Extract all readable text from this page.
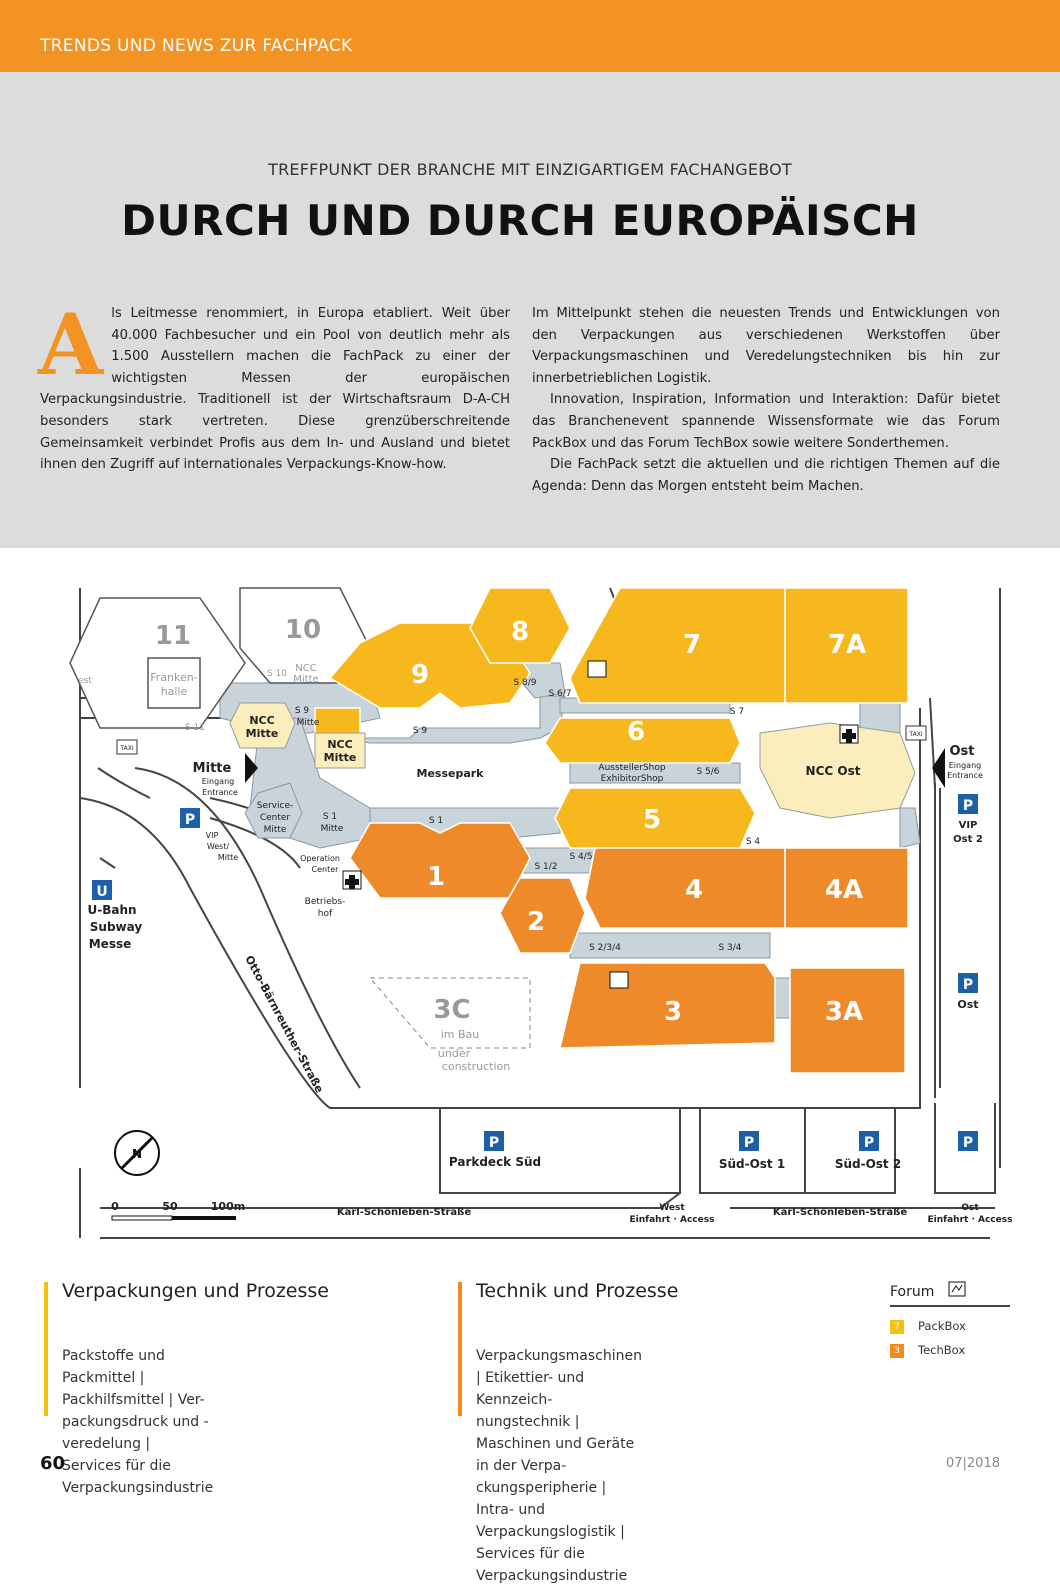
TRENDS UND NEWS ZUR FACHPACK
TREFFPUNKT DER BRANCHE MIT EINZIGARTIGEM FACHANGEBOT
DURCH UND DURCH EUROPÄISCH
A ls Leitmesse renommiert, in Europa etabliert. Weit über 40.000 Fachbesucher und ein Pool von deutlich mehr als 1.500 Ausstellern machen die FachPack zu einer der wichtigsten Messen der europäischen Verpackungsindustrie. Traditionell ist der Wirtschaftsraum D-A-CH besonders stark vertreten. Diese grenzüberschreitende Gemeinsamkeit verbindet Profis aus dem In- und Ausland und bietet ihnen den Zugriff auf internationales Verpackungs-Know-how.

Im Mittelpunkt stehen die neuesten Trends und Entwicklungen von den Verpackungen aus verschiedenen Werkstoffen über Verpackungsmaschinen und Veredelungstechniken bis hin zur innerbetrieblichen Logistik.

Innovation, Inspiration, Information und Interaktion: Dafür bietet das Branchenevent spannende Wissensformate wie das Forum PackBox und das Forum TechBox sowie weitere Sonderthemen.

Die FachPack setzt die aktuellen und die richtigen Themen auf die Agenda: Denn das Morgen entsteht beim Machen.

11	10
9
8	7	7A
6
5
4	4A
1
2
3	3A
3C
est	Franken-
halle
S 10 NCC
Mitte
S 11
NCC
Mitte
NCC
Mitte
S 9
Mitte
S 9
S 8/9
S 6/7
S 7
Messepark	AusstellerShop
ExhibitorShop
S 5/6	NCC Ost
S 4
S 4/5
S 1/2
S 1
S 1
Mitte
S 2/3/4	S 3/4
Service-
Center
Mitte
Operation
Center
Betriebs-
hof
Mitte
Eingang
Entrance
Ost
Eingang
Entrance
VIP
Ost 2
VIP
West/
Mitte
U-Bahn
Subway
Messe
im Bau
under
construction
Parkdeck Süd	Süd-Ost 1	Süd-Ost 2
Ost
West
Einfahrt · Access
Ost
Einfahrt · Access
Karl-Schönleben-Straße	Karl-Schönleben-Straße
0	50	100m
Otto-Bärnreuther-Straße
TAXI
TAXI
P
P
P
P	P	P	P
U
N
Verpackungen und Prozesse
Packstoffe und Packmittel | Packhilfsmittel | Ver-
packungsdruck und -veredelung | Services für die
Verpackungsindustrie
Technik und Prozesse
Verpackungsmaschinen | Etikettier- und Kennzeich-
nungstechnik | Maschinen und Geräte in der Verpa-
ckungsperipherie | Intra- und Verpackungslogistik |
Services für die Verpackungsindustrie
Forum
7 PackBox
3 TechBox
60	07|2018
